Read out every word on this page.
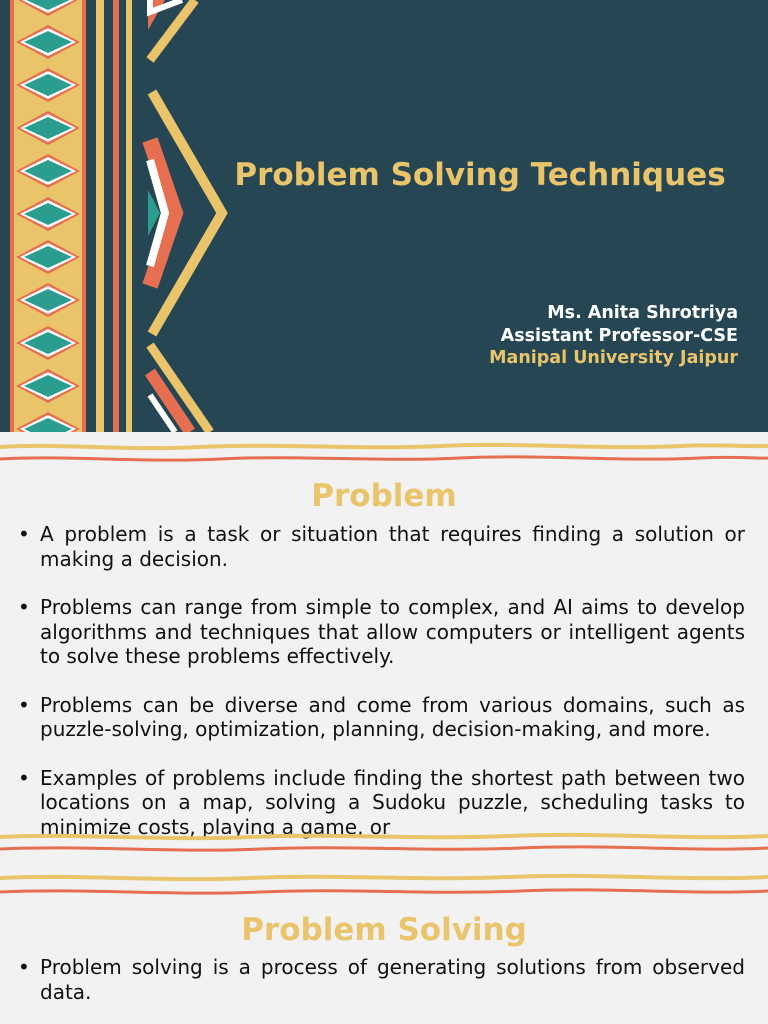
Problem Solving Techniques
Ms. Anita Shrotriya
Assistant Professor-CSE
Manipal University Jaipur
Problem
• A problem is a task or situation that requires finding a solution or making a decision.
• Problems can range from simple to complex, and AI aims to develop algorithms and techniques that allow computers or intelligent agents to solve these problems effectively.
• Problems can be diverse and come from various domains, such as puzzle-solving, optimization, planning, decision-making, and more.
• Examples of problems include finding the shortest path between two locations on a map, solving a Sudoku puzzle, scheduling tasks to minimize costs, playing a game, or
Problem Solving
• Problem solving is a process of generating solutions from observed data.
